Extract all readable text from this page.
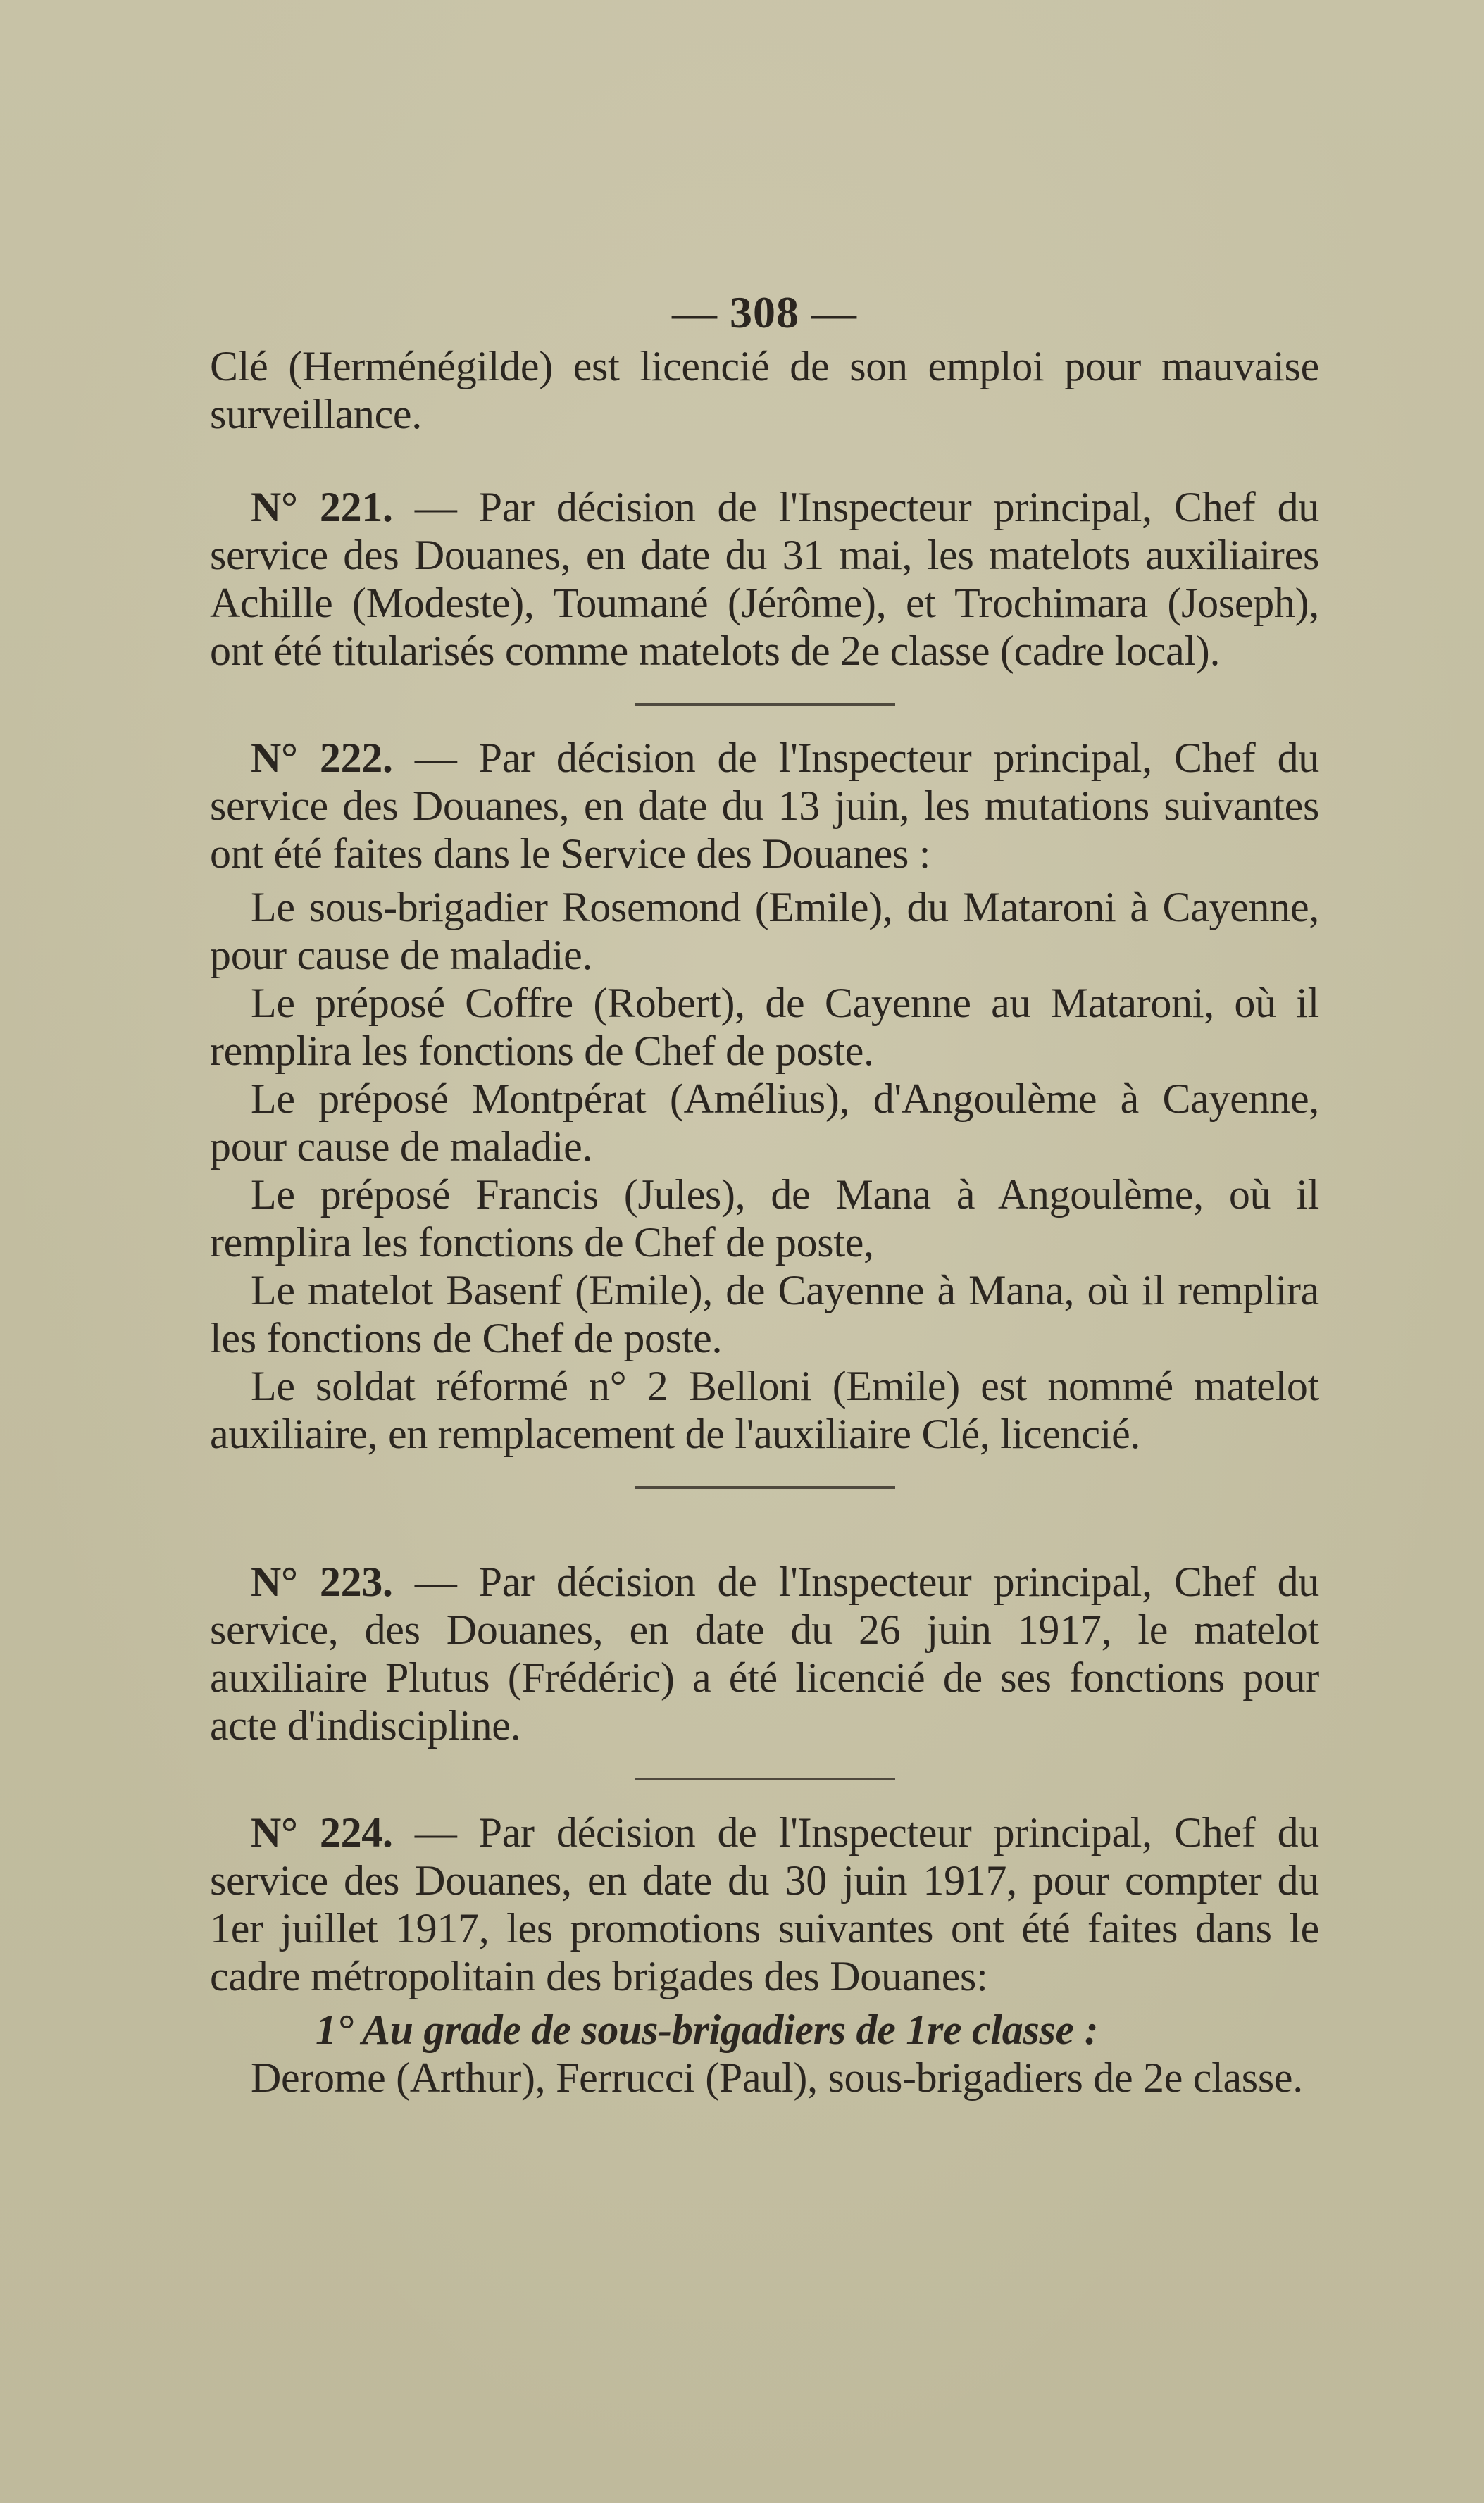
— 308 —

Clé (Herménégilde) est licencié de son emploi pour mauvaise surveillance.

N° 221. — Par décision de l'Inspecteur principal, Chef du service des Douanes, en date du 31 mai, les matelots auxiliaires Achille (Modeste), Toumané (Jérôme), et Trochimara (Joseph), ont été titularisés comme matelots de 2e classe (cadre local).

N° 222. — Par décision de l'Inspecteur principal, Chef du service des Douanes, en date du 13 juin, les mutations suivantes ont été faites dans le Service des Douanes :

Le sous-brigadier Rosemond (Emile), du Mataroni à Cayenne, pour cause de maladie.

Le préposé Coffre (Robert), de Cayenne au Mataroni, où il remplira les fonctions de Chef de poste.

Le préposé Montpérat (Amélius), d'Angoulème à Cayenne, pour cause de maladie.

Le préposé Francis (Jules), de Mana à Angoulème, où il remplira les fonctions de Chef de poste,

Le matelot Basenf (Emile), de Cayenne à Mana, où il remplira les fonctions de Chef de poste.

Le soldat réformé n° 2 Belloni (Emile) est nommé matelot auxiliaire, en remplacement de l'auxiliaire Clé, licencié.

N° 223. — Par décision de l'Inspecteur principal, Chef du service, des Douanes, en date du 26 juin 1917, le matelot auxiliaire Plutus (Frédéric) a été licencié de ses fonctions pour acte d'indiscipline.

N° 224. — Par décision de l'Inspecteur principal, Chef du service des Douanes, en date du 30 juin 1917, pour compter du 1er juillet 1917, les promotions suivantes ont été faites dans le cadre métropolitain des brigades des Douanes:

1° Au grade de sous-brigadiers de 1re classe :

Derome (Arthur), Ferrucci (Paul), sous-brigadiers de 2e classe.
